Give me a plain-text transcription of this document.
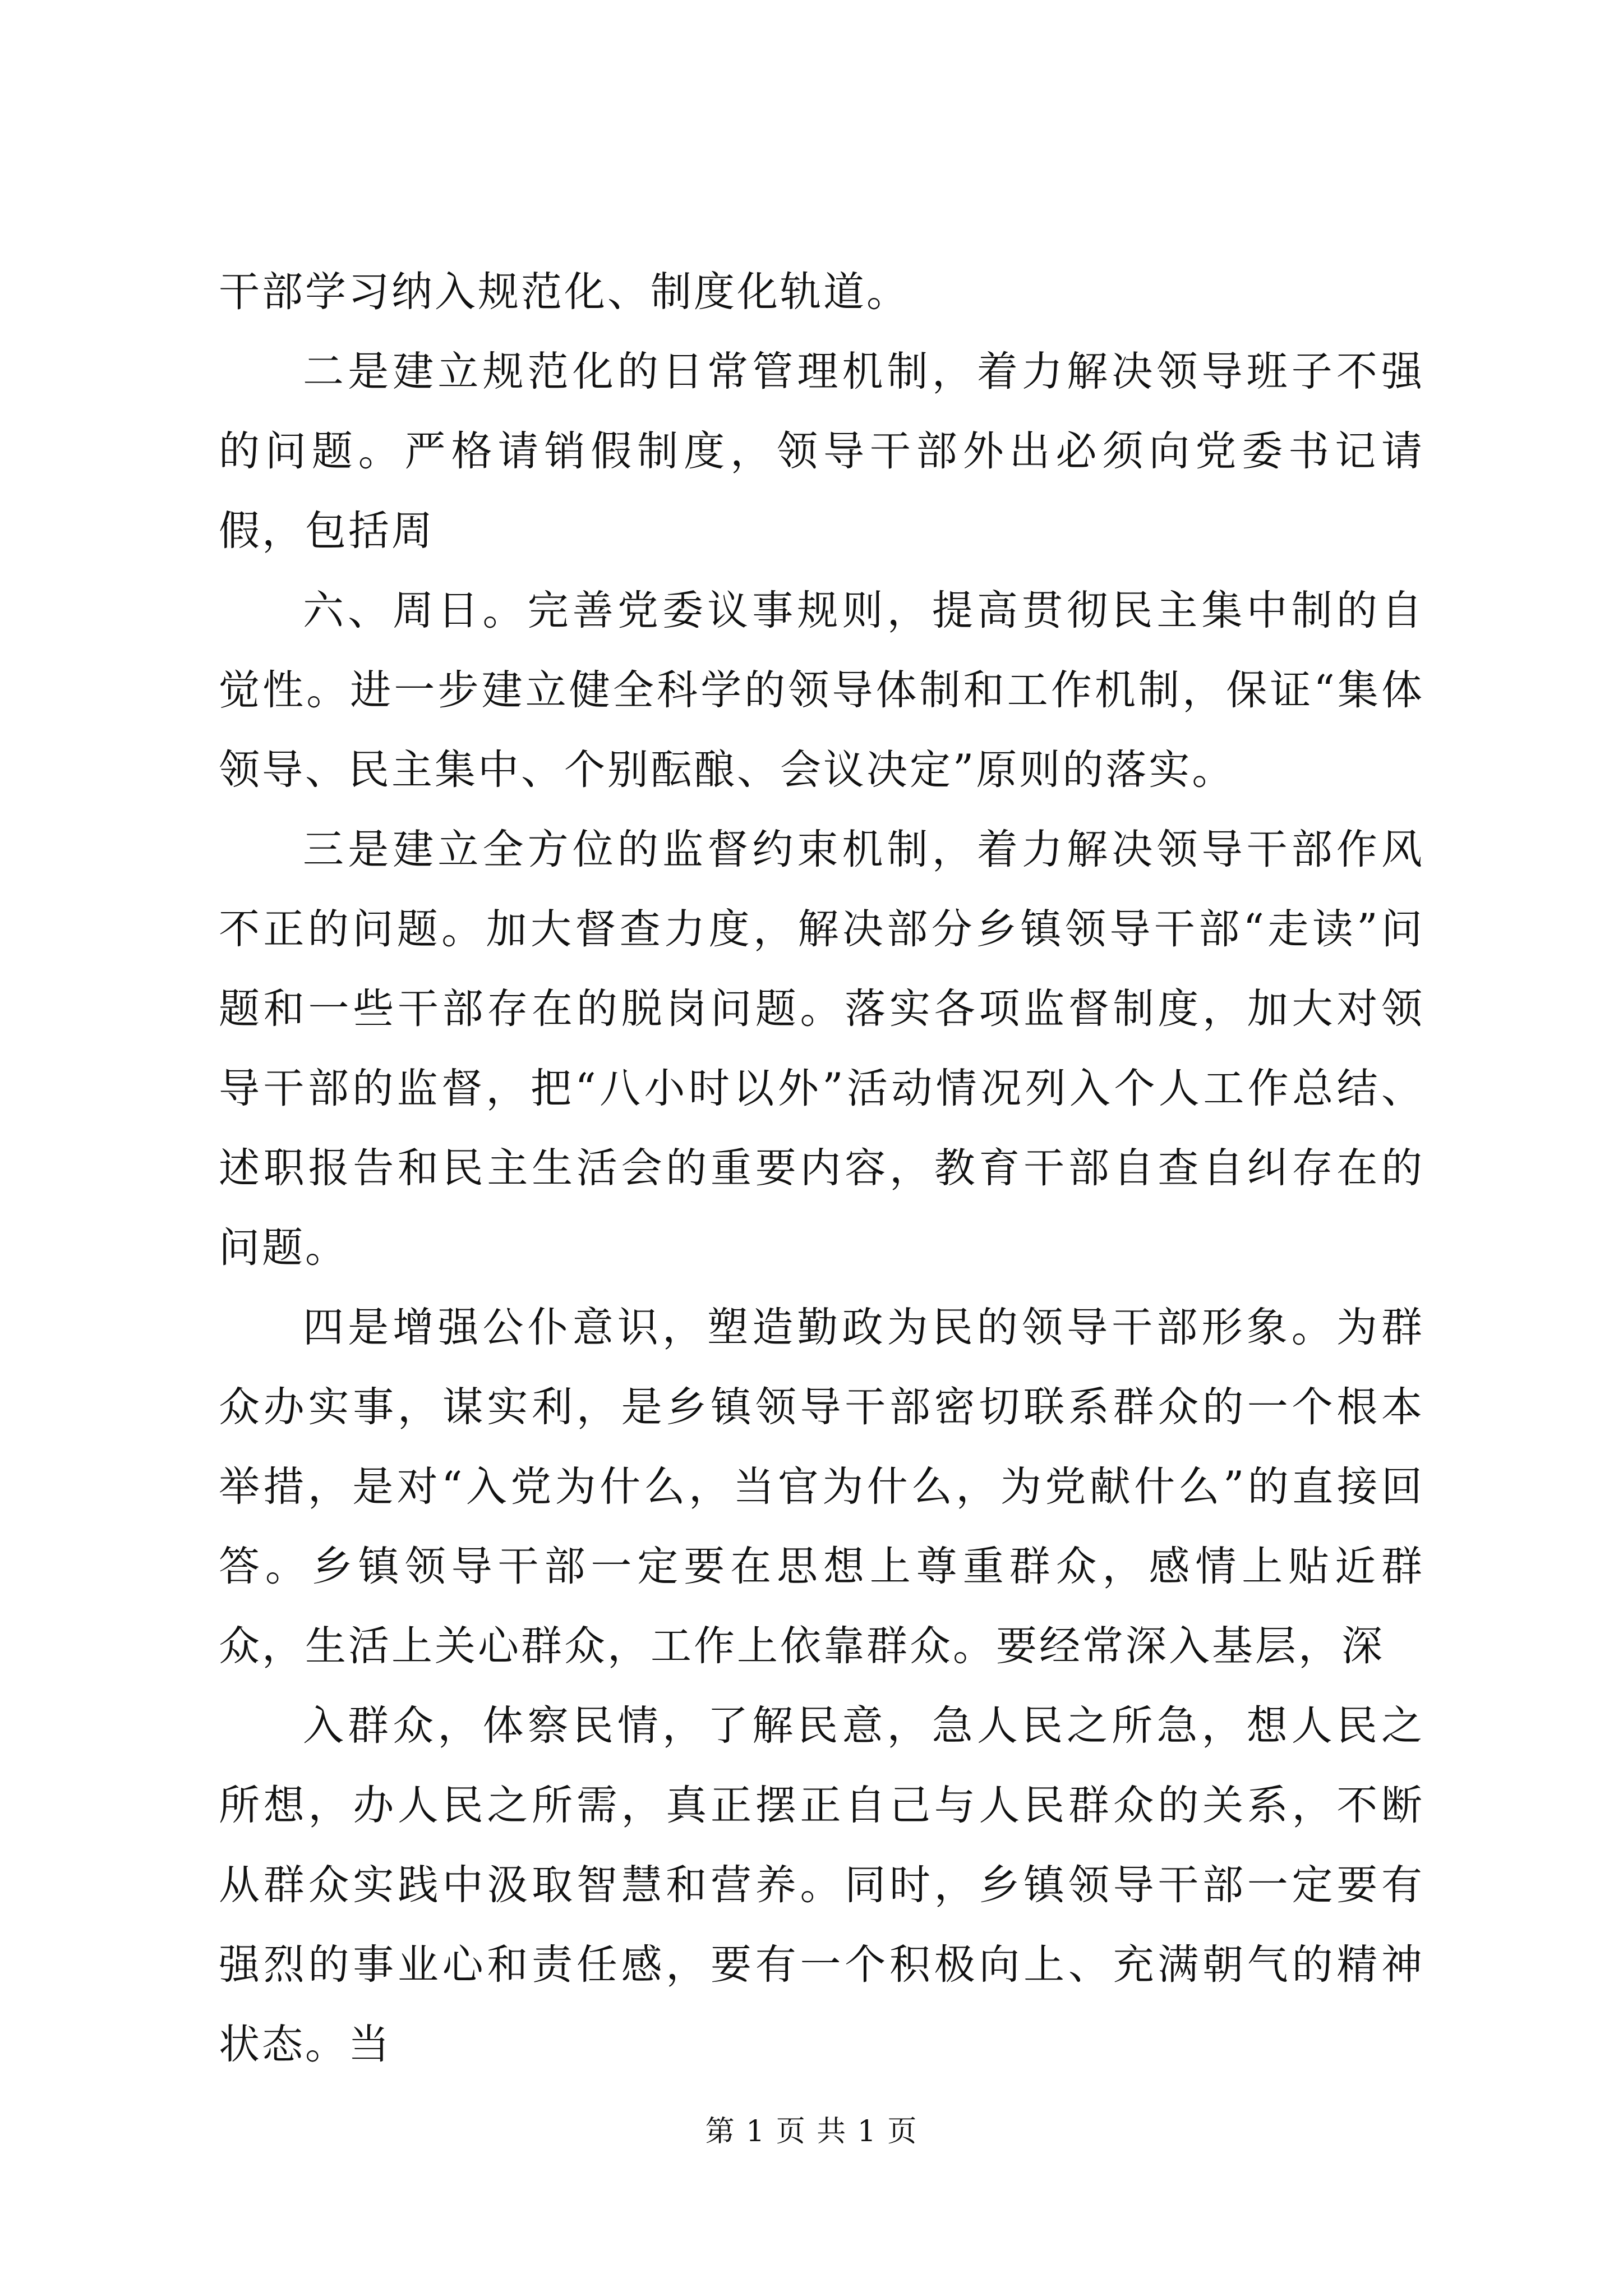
干部学习纳入规范化、制度化轨道。

二是建立规范化的日常管理机制，着力解决领导班子不强的问题。严格请销假制度，领导干部外出必须向党委书记请假，包括周

六、周日。完善党委议事规则，提高贯彻民主集中制的自觉性。进一步建立健全科学的领导体制和工作机制，保证“集体领导、民主集中、个别酝酿、会议决定”原则的落实。

三是建立全方位的监督约束机制，着力解决领导干部作风不正的问题。加大督查力度，解决部分乡镇领导干部“走读”问题和一些干部存在的脱岗问题。落实各项监督制度，加大对领导干部的监督，把“八小时以外”活动情况列入个人工作总结、述职报告和民主生活会的重要内容，教育干部自查自纠存在的问题。

四是增强公仆意识，塑造勤政为民的领导干部形象。为群众办实事，谋实利，是乡镇领导干部密切联系群众的一个根本举措，是对“入党为什么，当官为什么，为党献什么”的直接回答。乡镇领导干部一定要在思想上尊重群众，感情上贴近群众，生活上关心群众，工作上依靠群众。要经常深入基层，深

入群众，体察民情，了解民意，急人民之所急，想人民之所想，办人民之所需，真正摆正自己与人民群众的关系，不断从群众实践中汲取智慧和营养。同时，乡镇领导干部一定要有强烈的事业心和责任感，要有一个积极向上、充满朝气的精神状态。当

第 1 页 共 1 页
